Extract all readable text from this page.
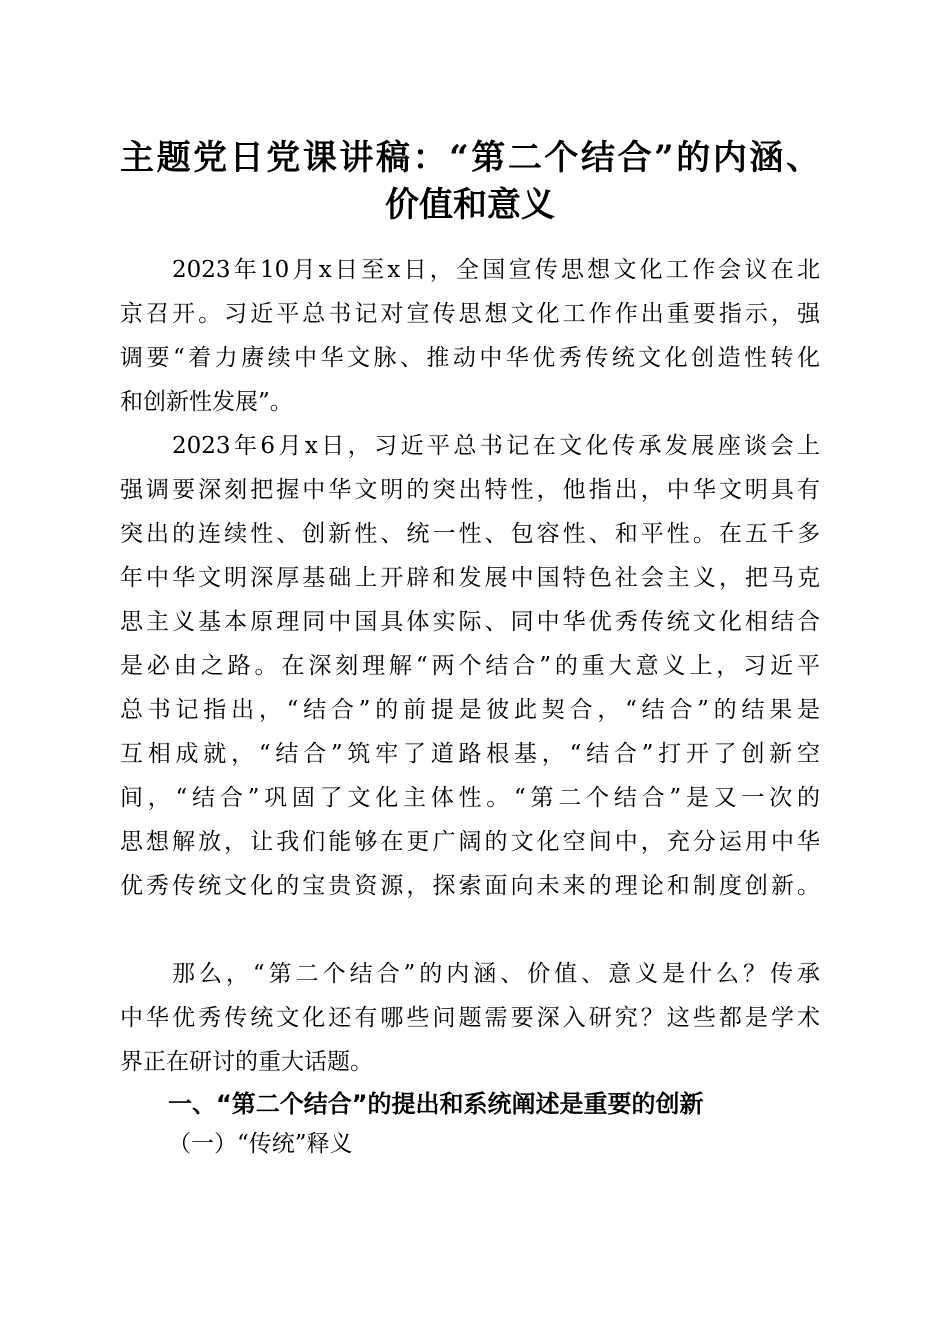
主题党日党课讲稿：“第二个结合”的内涵、
价值和意义
2023年10月x日至x日，全国宣传思想文化工作会议在北
京召开。习近平总书记对宣传思想文化工作作出重要指示，强
调要“着力赓续中华文脉、推动中华优秀传统文化创造性转化
和创新性发展”。
2023年6月x日，习近平总书记在文化传承发展座谈会上
强调要深刻把握中华文明的突出特性，他指出，中华文明具有
突出的连续性、创新性、统一性、包容性、和平性。在五千多
年中华文明深厚基础上开辟和发展中国特色社会主义，把马克
思主义基本原理同中国具体实际、同中华优秀传统文化相结合
是必由之路。在深刻理解“两个结合”的重大意义上，习近平
总书记指出，“结合”的前提是彼此契合，“结合”的结果是
互相成就，“结合”筑牢了道路根基，“结合”打开了创新空
间，“结合”巩固了文化主体性。“第二个结合”是又一次的
思想解放，让我们能够在更广阔的文化空间中，充分运用中华
优秀传统文化的宝贵资源，探索面向未来的理论和制度创新。
那么，“第二个结合”的内涵、价值、意义是什么？传承
中华优秀传统文化还有哪些问题需要深入研究？这些都是学术
界正在研讨的重大话题。
一、“第二个结合”的提出和系统阐述是重要的创新
（一）“传统”释义
